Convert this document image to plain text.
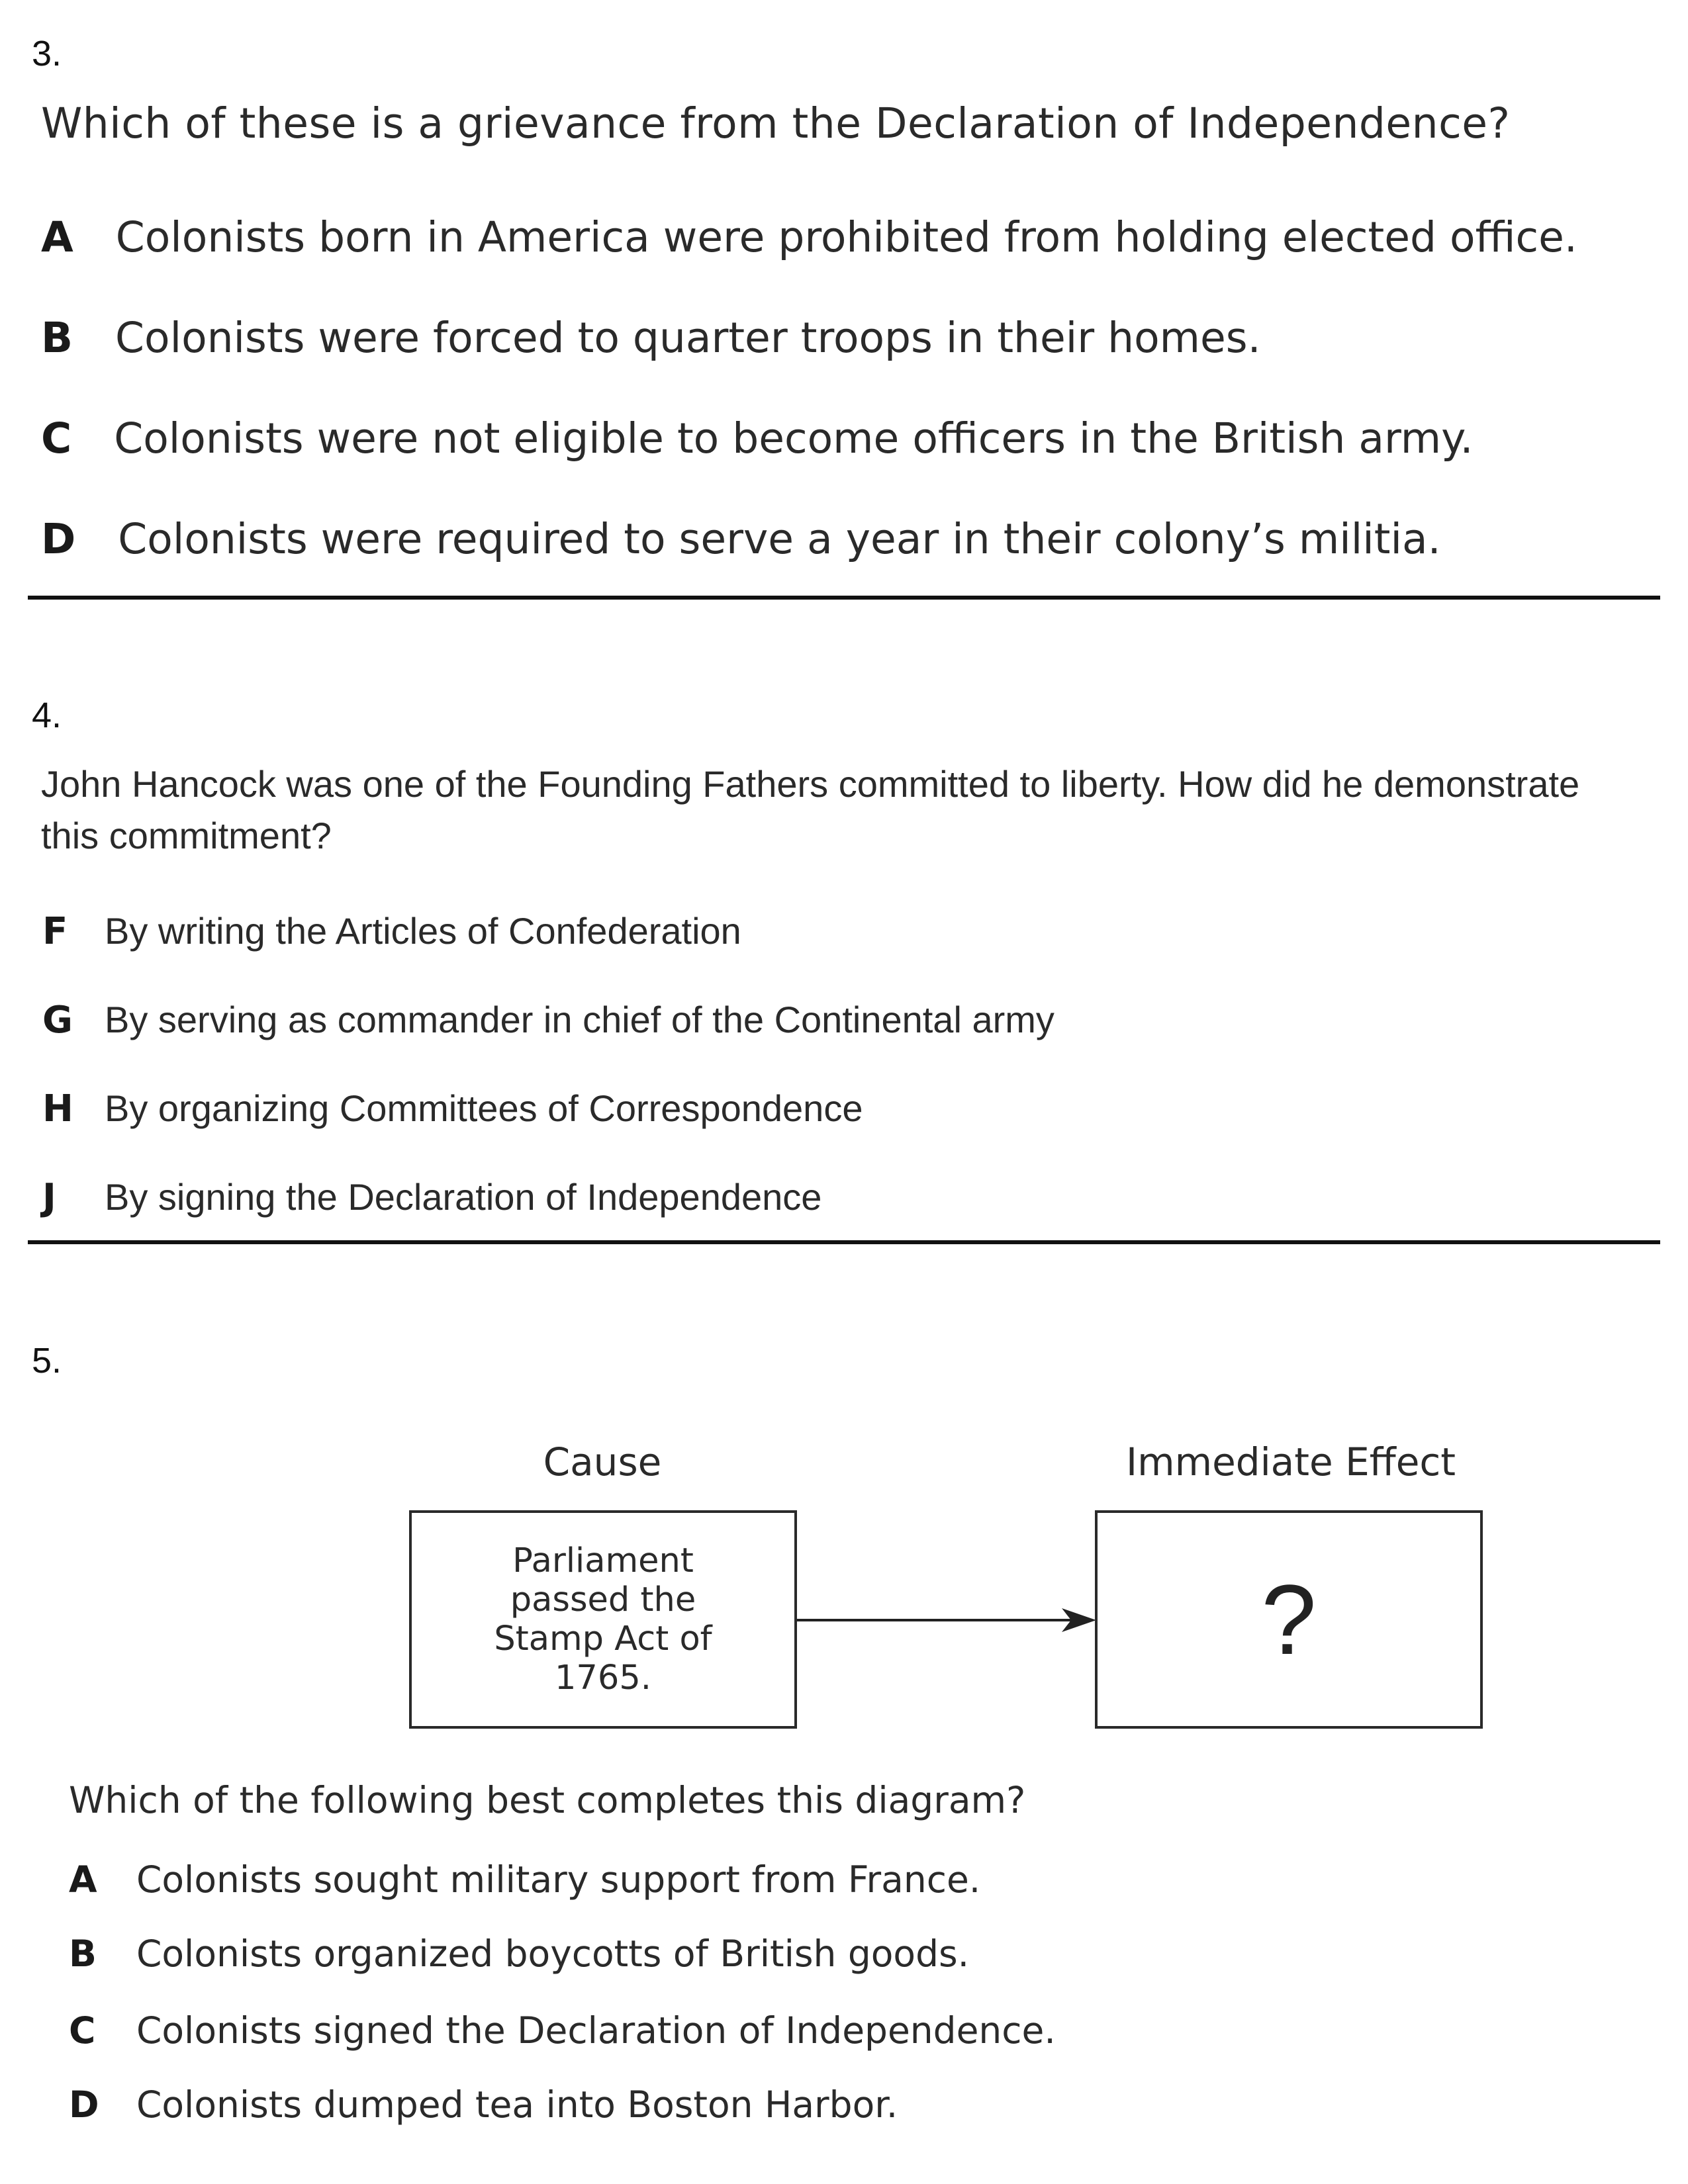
3.
Which of these is a grievance from the Declaration of Independence?
A Colonists born in America were prohibited from holding elected office.
B Colonists were forced to quarter troops in their homes.
C Colonists were not eligible to become officers in the British army.
D Colonists were required to serve a year in their colony’s militia.
4.
John Hancock was one of the Founding Fathers committed to liberty. How did he demonstrate
this commitment?
F By writing the Articles of Confederation
G By serving as commander in chief of the Continental army
H By organizing Committees of Correspondence
J By signing the Declaration of Independence
5.
Cause	Immediate Effect
Parliament
passed the
Stamp Act of
1765.
?
Which of the following best completes this diagram?
A Colonists sought military support from France.
B Colonists organized boycotts of British goods.
C Colonists signed the Declaration of Independence.
D Colonists dumped tea into Boston Harbor.
